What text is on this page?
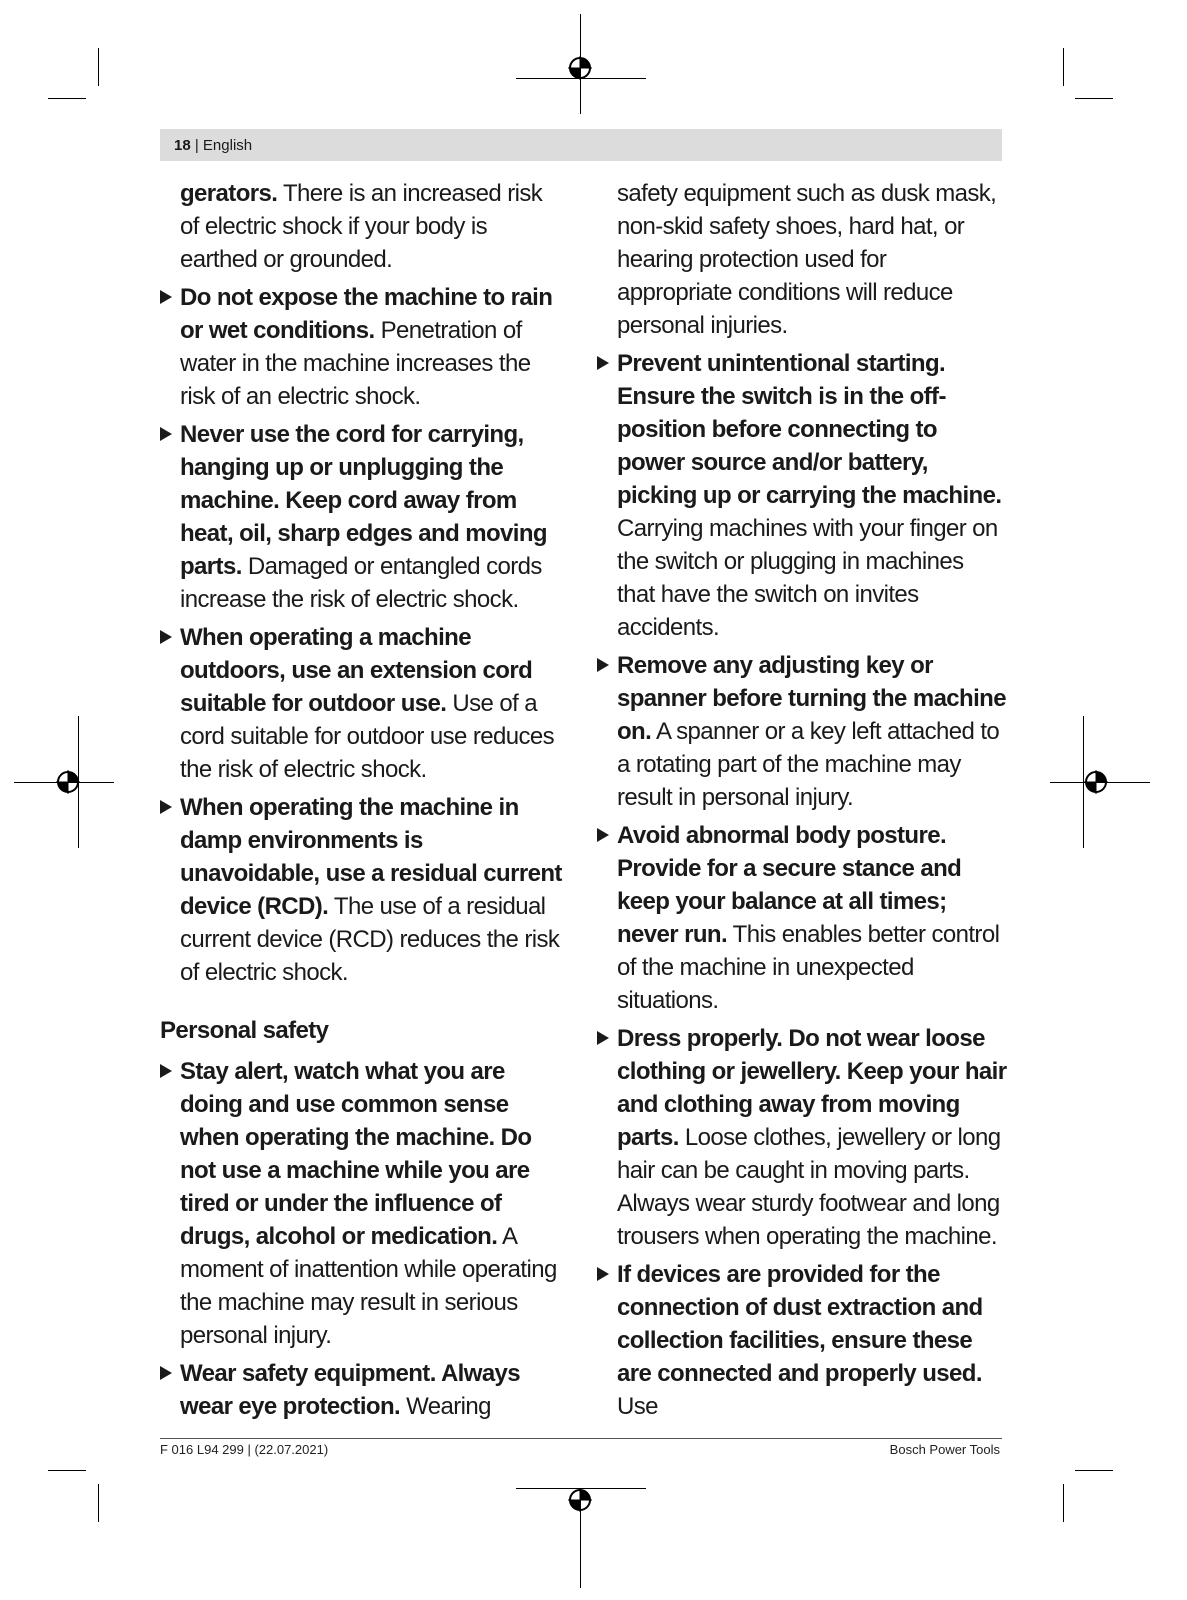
18 | English
gerators. There is an increased risk of electric shock if your body is earthed or grounded.
Do not expose the machine to rain or wet conditions. Penetration of water in the machine increases the risk of an electric shock.
Never use the cord for carrying, hanging up or unplugging the machine. Keep cord away from heat, oil, sharp edges and moving parts. Damaged or entangled cords increase the risk of electric shock.
When operating a machine outdoors, use an extension cord suitable for outdoor use. Use of a cord suitable for outdoor use reduces the risk of electric shock.
When operating the machine in damp environments is unavoidable, use a residual current device (RCD). The use of a residual current device (RCD) reduces the risk of electric shock.
Personal safety
Stay alert, watch what you are doing and use common sense when operating the machine. Do not use a machine while you are tired or under the influence of drugs, alcohol or medication. A moment of inattention while operating the machine may result in serious personal injury.
Wear safety equipment. Always wear eye protection. Wearing
safety equipment such as dusk mask, non-skid safety shoes, hard hat, or hearing protection used for appropriate conditions will reduce personal injuries.
Prevent unintentional starting. Ensure the switch is in the off-position before connecting to power source and/or battery, picking up or carrying the machine. Carrying machines with your finger on the switch or plugging in machines that have the switch on invites accidents.
Remove any adjusting key or spanner before turning the machine on. A spanner or a key left attached to a rotating part of the machine may result in personal injury.
Avoid abnormal body posture. Provide for a secure stance and keep your balance at all times; never run. This enables better control of the machine in unexpected situations.
Dress properly. Do not wear loose clothing or jewellery. Keep your hair and clothing away from moving parts. Loose clothes, jewellery or long hair can be caught in moving parts. Always wear sturdy footwear and long trousers when operating the machine.
If devices are provided for the connection of dust extraction and collection facilities, ensure these are connected and properly used. Use
F 016 L94 299 | (22.07.2021)	Bosch Power Tools
